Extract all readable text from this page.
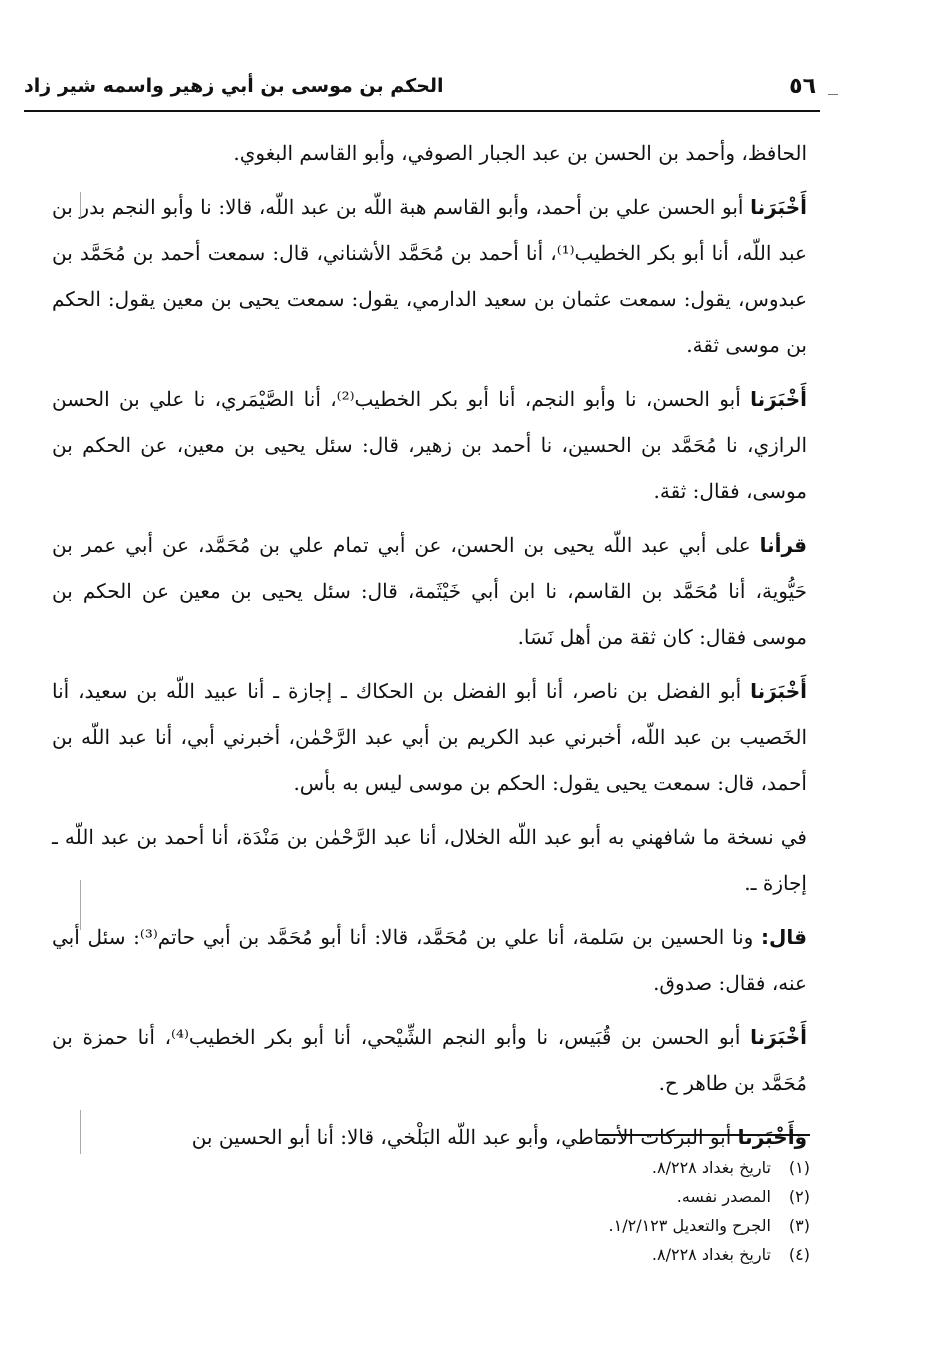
٥٦
الحكم بن موسى بن أبي زهير واسمه شير زاد

الحافظ، وأحمد بن الحسن بن عبد الجبار الصوفي، وأبو القاسم البغوي.

أَخْبَرَنا أبو الحسن علي بن أحمد، وأبو القاسم هبة اللّه بن عبد اللّه، قالا: نا وأبو النجم بدر بن عبد اللّه، أنا أبو بكر الخطيب⁽¹⁾، أنا أحمد بن مُحَمَّد الأشناني، قال: سمعت أحمد بن مُحَمَّد بن عبدوس، يقول: سمعت عثمان بن سعيد الدارمي، يقول: سمعت يحيى بن معين يقول: الحكم بن موسى ثقة.

أَخْبَرَنا أبو الحسن، نا وأبو النجم، أنا أبو بكر الخطيب⁽²⁾، أنا الصَّيْمَري، نا علي بن الحسن الرازي، نا مُحَمَّد بن الحسين، نا أحمد بن زهير، قال: سئل يحيى بن معين، عن الحكم بن موسى، فقال: ثقة.

قرأنا على أبي عبد اللّه يحيى بن الحسن، عن أبي تمام علي بن مُحَمَّد، عن أبي عمر بن حَيُّوية، أنا مُحَمَّد بن القاسم، نا ابن أبي خَيْثَمة، قال: سئل يحيى بن معين عن الحكم بن موسى فقال: كان ثقة من أهل نَسَا.

أَخْبَرَنا أبو الفضل بن ناصر، أنا أبو الفضل بن الحكاك ـ إجازة ـ أنا عبيد اللّه بن سعيد، أنا الخَصيب بن عبد اللّه، أخبرني عبد الكريم بن أبي عبد الرَّحْمٰن، أخبرني أبي، أنا عبد اللّه بن أحمد، قال: سمعت يحيى يقول: الحكم بن موسى ليس به بأس.

في نسخة ما شافهني به أبو عبد اللّه الخلال، أنا عبد الرَّحْمٰن بن مَنْدَة، أنا أحمد بن عبد اللّه ـ إجازة ـ.

قال: ونا الحسين بن سَلمة، أنا علي بن مُحَمَّد، قالا: أنا أبو مُحَمَّد بن أبي حاتم⁽³⁾: سئل أبي عنه، فقال: صدوق.

أَخْبَرَنا أبو الحسن بن قُبَيس، نا وأبو النجم الشِّيْحي، أنا أبو بكر الخطيب⁽⁴⁾، أنا حمزة بن مُحَمَّد بن طاهر ح.

وَأَخْبَرَنا أبو البركات الأنماطي، وأبو عبد اللّه البَلْخي، قالا: أنا أبو الحسين بن

(١) تاريخ بغداد ٨/٢٢٨.
(٢) المصدر نفسه.
(٣) الجرح والتعديل ١/٢/١٢٣.
(٤) تاريخ بغداد ٨/٢٢٨.
